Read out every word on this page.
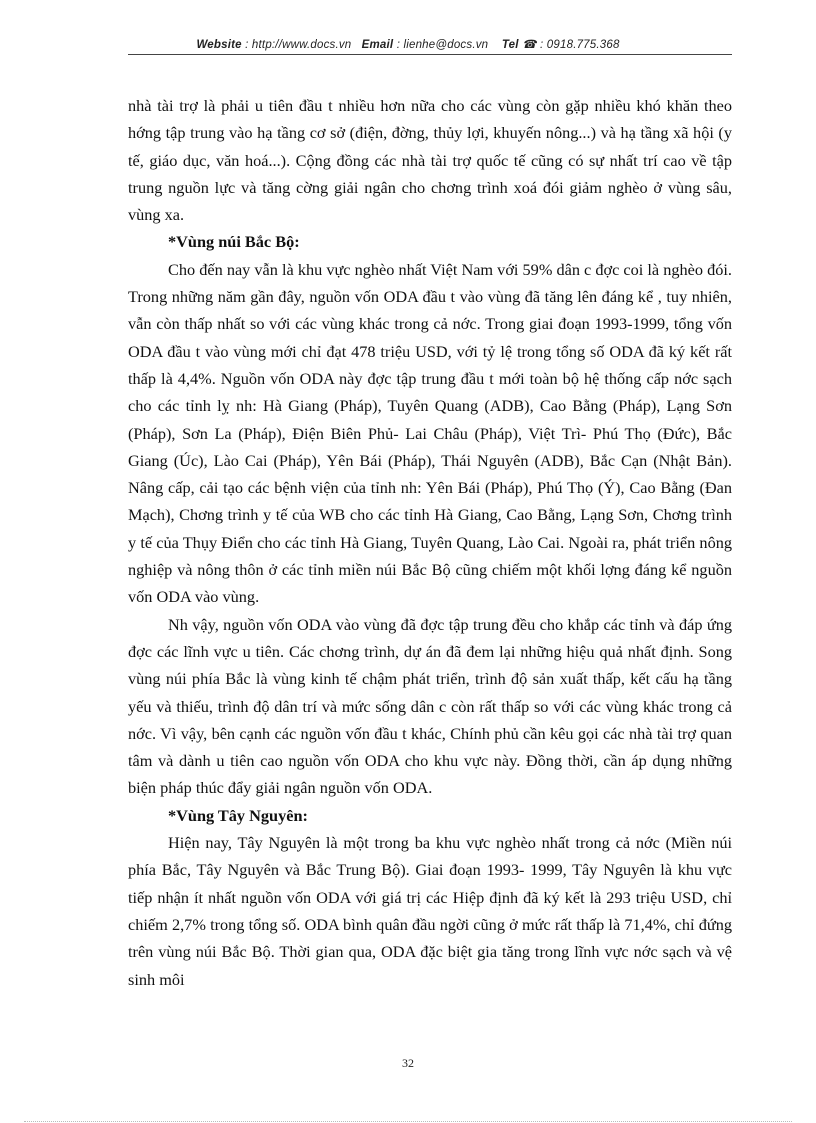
Website : http://www.docs.vn Email : lienhe@docs.vn Tel ☎ : 0918.775.368

nhà tài trợ là phải u tiên đầu t nhiều hơn nữa cho các vùng còn gặp nhiều khó khăn theo hớng tập trung vào hạ tầng cơ sở (điện, đờng, thủy lợi, khuyến nông...) và hạ tầng xã hội (y tế, giáo dục, văn hoá...). Cộng đồng các nhà tài trợ quốc tế cũng có sự nhất trí cao về tập trung nguồn lực và tăng cờng giải ngân cho chơng trình xoá đói giảm nghèo ở vùng sâu, vùng xa.

*Vùng núi Bắc Bộ:

Cho đến nay vẫn là khu vực nghèo nhất Việt Nam với 59% dân c đợc coi là nghèo đói. Trong những năm gần đây, nguồn vốn ODA đầu t vào vùng đã tăng lên đáng kể , tuy nhiên, vẫn còn thấp nhất so với các vùng khác trong cả nớc. Trong giai đoạn 1993-1999, tổng vốn ODA đầu t vào vùng mới chỉ đạt 478 triệu USD, với tỷ lệ trong tổng số ODA đã ký kết rất thấp là 4,4%. Nguồn vốn ODA này đợc tập trung đầu t mới toàn bộ hệ thống cấp nớc sạch cho các tỉnh lỵ nh: Hà Giang (Pháp), Tuyên Quang (ADB), Cao Bằng (Pháp), Lạng Sơn (Pháp), Sơn La (Pháp), Điện Biên Phủ- Lai Châu (Pháp), Việt Trì- Phú Thọ (Đức), Bắc Giang (Úc), Lào Cai (Pháp), Yên Bái (Pháp), Thái Nguyên (ADB), Bắc Cạn (Nhật Bản). Nâng cấp, cải tạo các bệnh viện của tỉnh nh: Yên Bái (Pháp), Phú Thọ (Ý), Cao Bằng (Đan Mạch), Chơng trình y tế của WB cho các tỉnh Hà Giang, Cao Bằng, Lạng Sơn, Chơng trình y tế của Thụy Điển cho các tỉnh Hà Giang, Tuyên Quang, Lào Cai. Ngoài ra, phát triển nông nghiệp và nông thôn ở các tỉnh miền núi Bắc Bộ cũng chiếm một khối lợng đáng kể nguồn vốn ODA vào vùng.

Nh vậy, nguồn vốn ODA vào vùng đã đợc tập trung đều cho khắp các tỉnh và đáp ứng đợc các lĩnh vực u tiên. Các chơng trình, dự án đã đem lại những hiệu quả nhất định. Song vùng núi phía Bắc là vùng kinh tế chậm phát triển, trình độ sản xuất thấp, kết cấu hạ tầng yếu và thiếu, trình độ dân trí và mức sống dân c còn rất thấp so với các vùng khác trong cả nớc. Vì vậy, bên cạnh các nguồn vốn đầu t khác, Chính phủ cần kêu gọi các nhà tài trợ quan tâm và dành u tiên cao nguồn vốn ODA cho khu vực này. Đồng thời, cần áp dụng những biện pháp thúc đẩy giải ngân nguồn vốn ODA.

*Vùng Tây Nguyên:

Hiện nay, Tây Nguyên là một trong ba khu vực nghèo nhất trong cả nớc (Miền núi phía Bắc, Tây Nguyên và Bắc Trung Bộ). Giai đoạn 1993- 1999, Tây Nguyên là khu vực tiếp nhận ít nhất nguồn vốn ODA với giá trị các Hiệp định đã ký kết là 293 triệu USD, chỉ chiếm 2,7% trong tổng số. ODA bình quân đầu ngời cũng ở mức rất thấp là 71,4%, chỉ đứng trên vùng núi Bắc Bộ. Thời gian qua, ODA đặc biệt gia tăng trong lĩnh vực nớc sạch và vệ sinh môi

32
